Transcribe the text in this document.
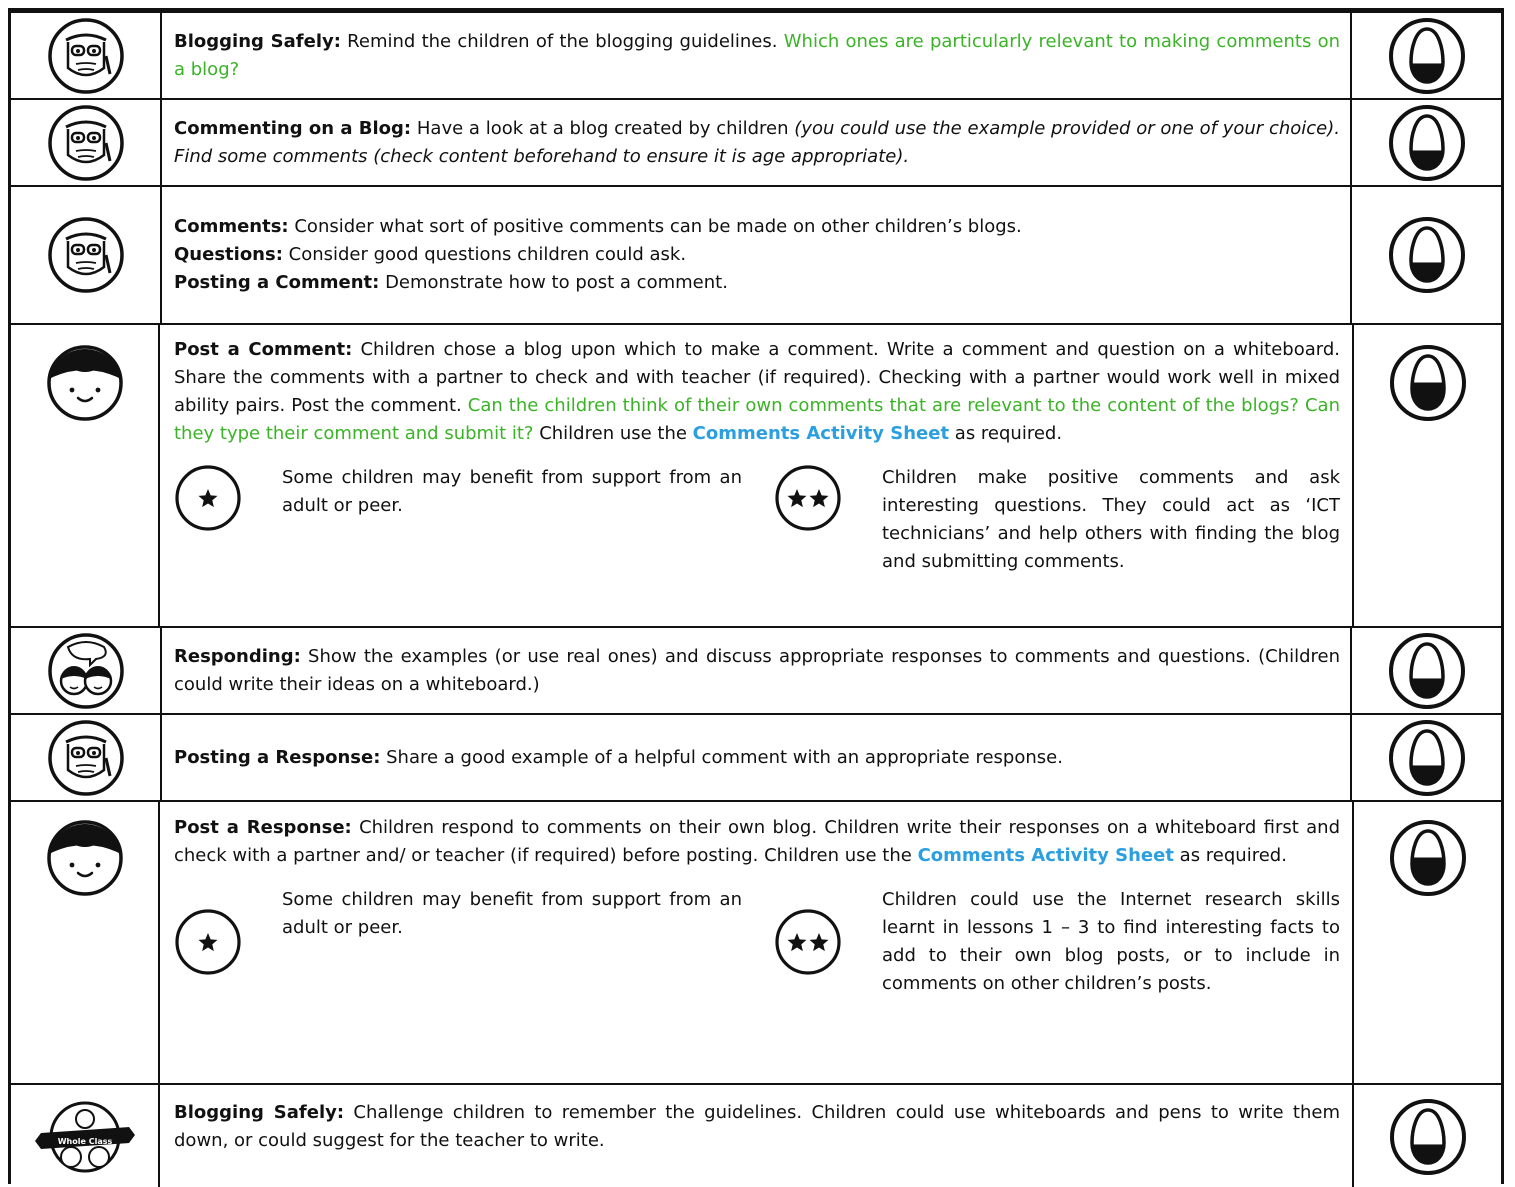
Blogging Safely: Remind the children of the blogging guidelines. Which ones are particularly relevant to making comments on a blog?

Commenting on a Blog: Have a look at a blog created by children (you could use the example provided or one of your choice). Find some comments (check content beforehand to ensure it is age appropriate).

Comments: Consider what sort of positive comments can be made on other children’s blogs.

Questions: Consider good questions children could ask.

Posting a Comment: Demonstrate how to post a comment.

Post a Comment: Children chose a blog upon which to make a comment. Write a comment and question on a whiteboard. Share the comments with a partner to check and with teacher (if required). Checking with a partner would work well in mixed ability pairs. Post the comment. Can the children think of their own comments that are relevant to the content of the blogs? Can they type their comment and submit it? Children use the Comments Activity Sheet as required.

Some children may benefit from support from an adult or peer.
Children make positive comments and ask interesting questions. They could act as ‘ICT technicians’ and help others with finding the blog and submitting comments.

Responding: Show the examples (or use real ones) and discuss appropriate responses to comments and questions. (Children could write their ideas on a whiteboard.)

Posting a Response: Share a good example of a helpful comment with an appropriate response.

Post a Response: Children respond to comments on their own blog. Children write their responses on a whiteboard first and check with a partner and/ or teacher (if required) before posting. Children use the Comments Activity Sheet as required.

Some children may benefit from support from an adult or peer.
Children could use the Internet research skills learnt in lessons 1 – 3 to find interesting facts to add to their own blog posts, or to include in comments on other children’s posts.
Whole Class

Blogging Safely: Challenge children to remember the guidelines. Children could use whiteboards and pens to write them down, or could suggest for the teacher to write.
